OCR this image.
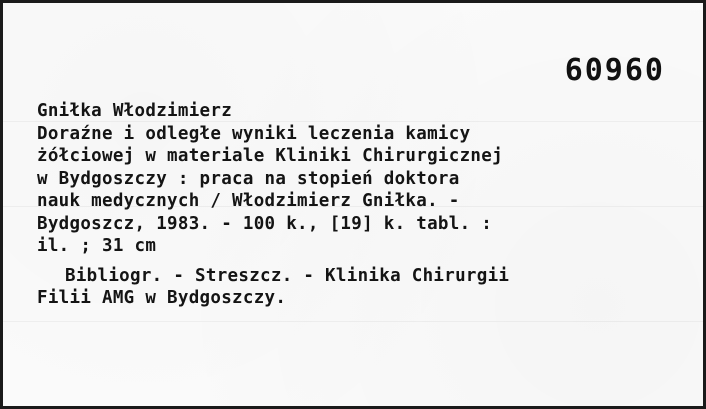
60960
Gniłka Włodzimierz
Doraźne i odległe wyniki leczenia kamicy
żółciowej w materiale Kliniki Chirurgicznej
w Bydgoszczy : praca na stopień doktora
nauk medycznych / Włodzimierz Gniłka. -
Bydgoszcz, 1983. - 100 k., [19] k. tabl. :
il. ; 31 cm
Bibliogr. - Streszcz. - Klinika Chirurgii
Filii AMG w Bydgoszczy.
